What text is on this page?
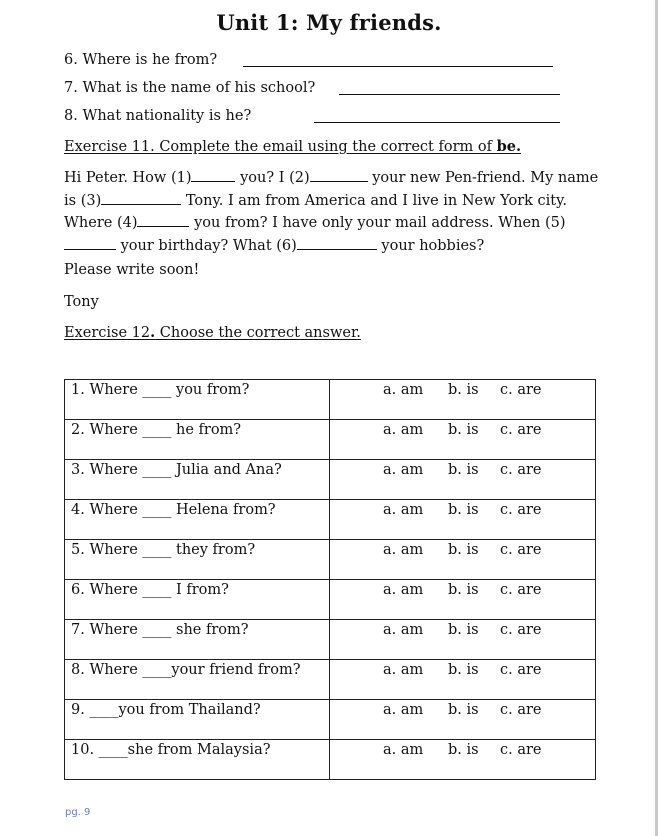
Unit 1: My friends.
6. Where is he from?
7. What is the name of his school?
8. What nationality is he?
Exercise 11. Complete the email using the correct form of be.
Hi Peter. How (1)	you? I (2)	your new Pen-friend. My name is (3)	Tony. I am from America and I live in New York city. Where (4)	you from? I have only your mail address. When (5) your birthday? What (6)	your hobbies?
Please write soon!
Tony
Exercise 12. Choose the correct answer.
1. Where ____ you from?	a. am b. is c. are
2. Where ____ he from?	a. am b. is c. are
3. Where ____ Julia and Ana?	a. am b. is c. are
4. Where ____ Helena from?	a. am b. is c. are
5. Where ____ they from?	a. am b. is c. are
6. Where ____ I from?	a. am b. is c. are
7. Where ____ she from?	a. am b. is c. are
8. Where ____your friend from?	a. am b. is c. are
9. ____you from Thailand?	a. am b. is c. are
10. ____she from Malaysia?	a. am b. is c. are
pg. 9
